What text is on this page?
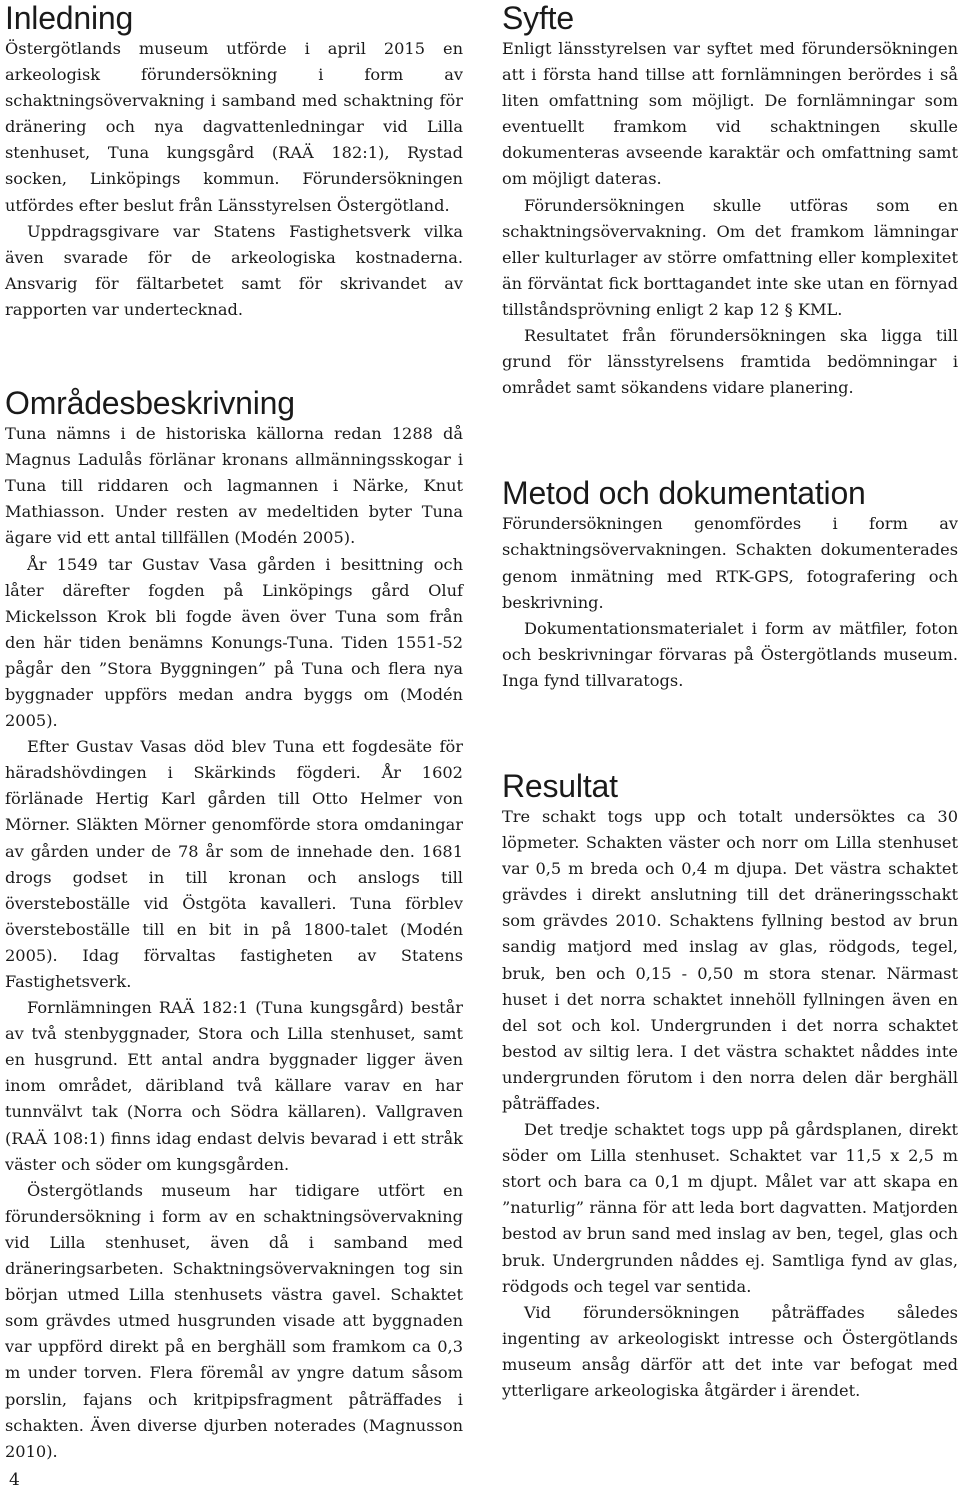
Inledning

Östergötlands museum utförde i april 2015 en arkeologisk förundersökning i form av schaktningsövervakning i samband med schaktning för dränering och nya dagvattenledningar vid Lilla stenhuset, Tuna kungsgård (RAÄ 182:1), Rystad socken, Linköpings kommun. Förundersökningen utfördes efter beslut från Länsstyrelsen Östergötland.

Uppdragsgivare var Statens Fastighetsverk vilka även svarade för de arkeologiska kostnaderna. Ansvarig för fältarbetet samt för skrivandet av rapporten var undertecknad.

Områdesbeskrivning

Tuna nämns i de historiska källorna redan 1288 då Magnus Ladulås förlänar kronans allmänningsskogar i Tuna till riddaren och lagmannen i Närke, Knut Mathiasson. Under resten av medeltiden byter Tuna ägare vid ett antal tillfällen (Modén 2005).

År 1549 tar Gustav Vasa gården i besittning och låter därefter fogden på Linköpings gård Oluf Mickelsson Krok bli fogde även över Tuna som från den här tiden benämns Konungs-Tuna. Tiden 1551-52 pågår den ”Stora Byggningen” på Tuna och flera nya byggnader uppförs medan andra byggs om (Modén 2005).

Efter Gustav Vasas död blev Tuna ett fogdesäte för häradshövdingen i Skärkinds fögderi. År 1602 förlänade Hertig Karl gården till Otto Helmer von Mörner. Släkten Mörner genomförde stora omdaningar av gården under de 78 år som de innehade den. 1681 drogs godset in till kronan och anslogs till översteboställe vid Östgöta kavalleri. Tuna förblev översteboställe till en bit in på 1800-talet (Modén 2005). Idag förvaltas fastigheten av Statens Fastighetsverk.

Fornlämningen RAÄ 182:1 (Tuna kungsgård) består av två stenbyggnader, Stora och Lilla stenhuset, samt en husgrund. Ett antal andra byggnader ligger även inom området, däribland två källare varav en har tunnvälvt tak (Norra och Södra källaren). Vallgraven (RAÄ 108:1) finns idag endast delvis bevarad i ett stråk väster och söder om kungsgården.

Östergötlands museum har tidigare utfört en förundersökning i form av en schaktningsövervakning vid Lilla stenhuset, även då i samband med dräneringsarbeten. Schaktningsövervakningen tog sin början utmed Lilla stenhusets västra gavel. Schaktet som grävdes utmed husgrunden visade att byggnaden var uppförd direkt på en berghäll som framkom ca 0,3 m under torven. Flera föremål av yngre datum såsom porslin, fajans och kritpipsfragment påträffades i schakten. Även diverse djurben noterades (Magnusson 2010).

Syfte

Enligt länsstyrelsen var syftet med förundersökningen att i första hand tillse att fornlämningen berördes i så liten omfattning som möjligt. De fornlämningar som eventuellt framkom vid schaktningen skulle dokumenteras avseende karaktär och omfattning samt om möjligt dateras.

Förundersökningen skulle utföras som en schaktningsövervakning. Om det framkom lämningar eller kulturlager av större omfattning eller komplexitet än förväntat fick borttagandet inte ske utan en förnyad tillståndsprövning enligt 2 kap 12 § KML.

Resultatet från förundersökningen ska ligga till grund för länsstyrelsens framtida bedömningar i området samt sökandens vidare planering.

Metod och dokumentation

Förundersökningen genomfördes i form av schaktningsövervakningen. Schakten dokumenterades genom inmätning med RTK-GPS, fotografering och beskrivning.

Dokumentationsmaterialet i form av mätfiler, foton och beskrivningar förvaras på Östergötlands museum. Inga fynd tillvaratogs.

Resultat

Tre schakt togs upp och totalt undersöktes ca 30 löpmeter. Schakten väster och norr om Lilla stenhuset var 0,5 m breda och 0,4 m djupa. Det västra schaktet grävdes i direkt anslutning till det dräneringsschakt som grävdes 2010. Schaktens fyllning bestod av brun sandig matjord med inslag av glas, rödgods, tegel, bruk, ben och 0,15 - 0,50 m stora stenar. Närmast huset i det norra schaktet innehöll fyllningen även en del sot och kol. Undergrunden i det norra schaktet bestod av siltig lera. I det västra schaktet nåddes inte undergrunden förutom i den norra delen där berghäll påträffades.

Det tredje schaktet togs upp på gårdsplanen, direkt söder om Lilla stenhuset. Schaktet var 11,5 x 2,5 m stort och bara ca 0,1 m djupt. Målet var att skapa en ”naturlig” ränna för att leda bort dagvatten. Matjorden bestod av brun sand med inslag av ben, tegel, glas och bruk. Undergrunden nåddes ej. Samtliga fynd av glas, rödgods och tegel var sentida.

Vid förundersökningen påträffades således ingenting av arkeologiskt intresse och Östergötlands museum ansåg därför att det inte var befogat med ytterligare arkeologiska åtgärder i ärendet.

4
